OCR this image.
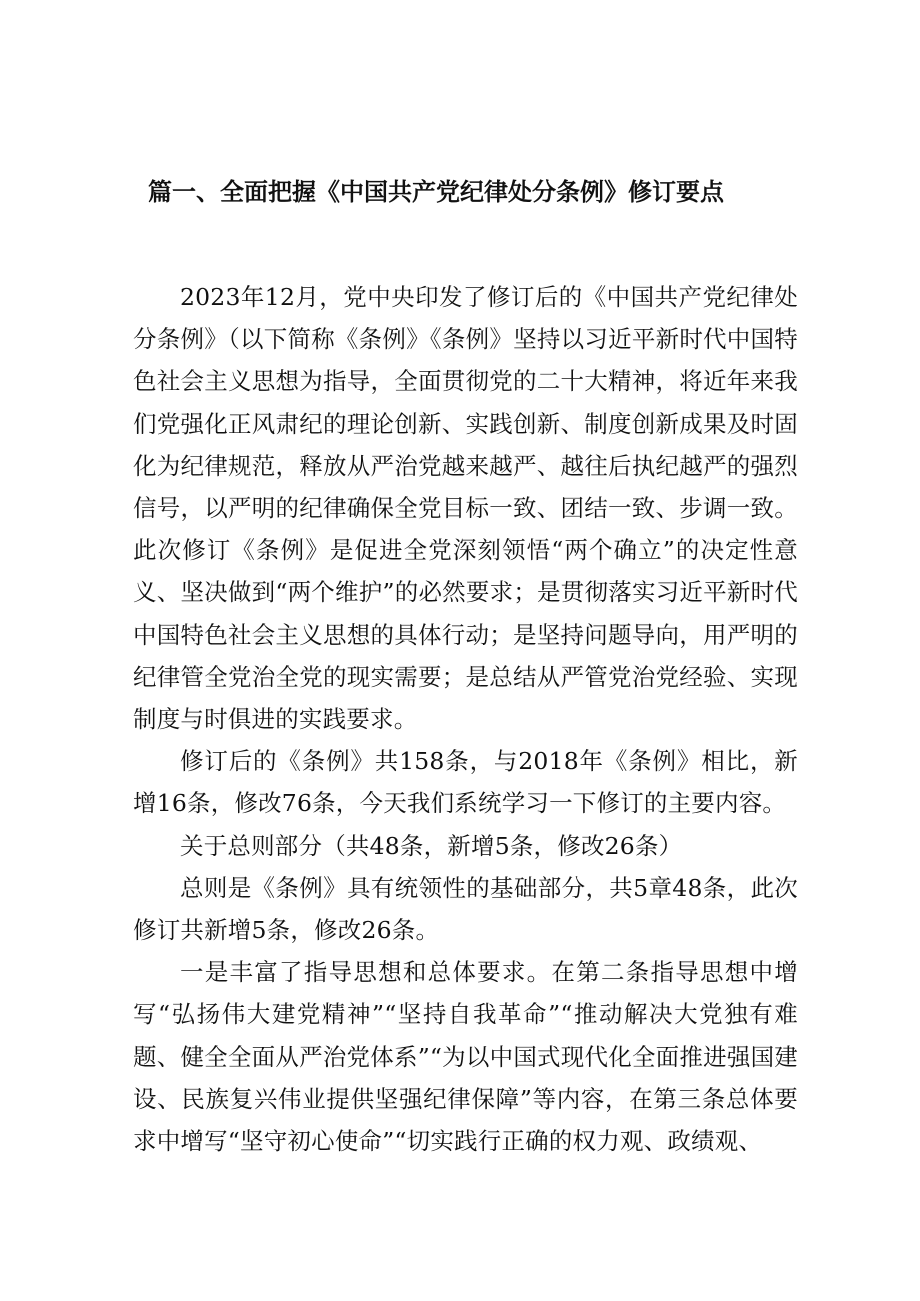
篇一、全面把握《中国共产党纪律处分条例》修订要点

2023年12月，党中央印发了修订后的《中国共产党纪律处分条例》（以下简称《条例》《条例》坚持以习近平新时代中国特色社会主义思想为指导，全面贯彻党的二十大精神，将近年来我们党强化正风肃纪的理论创新、实践创新、制度创新成果及时固化为纪律规范，释放从严治党越来越严、越往后执纪越严的强烈信号，以严明的纪律确保全党目标一致、团结一致、步调一致。此次修订《条例》是促进全党深刻领悟“两个确立”的决定性意义、坚决做到“两个维护”的必然要求；是贯彻落实习近平新时代中国特色社会主义思想的具体行动；是坚持问题导向，用严明的纪律管全党治全党的现实需要；是总结从严管党治党经验、实现制度与时俱进的实践要求。

修订后的《条例》共158条，与2018年《条例》相比，新增16条，修改76条，今天我们系统学习一下修订的主要内容。

关于总则部分（共48条，新增5条，修改26条）

总则是《条例》具有统领性的基础部分，共5章48条，此次修订共新增5条，修改26条。

一是丰富了指导思想和总体要求。在第二条指导思想中增写“弘扬伟大建党精神”“坚持自我革命”“推动解决大党独有难题、健全全面从严治党体系”“为以中国式现代化全面推进强国建设、民族复兴伟业提供坚强纪律保障”等内容，在第三条总体要求中增写“坚守初心使命”“切实践行正确的权力观、政绩观、
